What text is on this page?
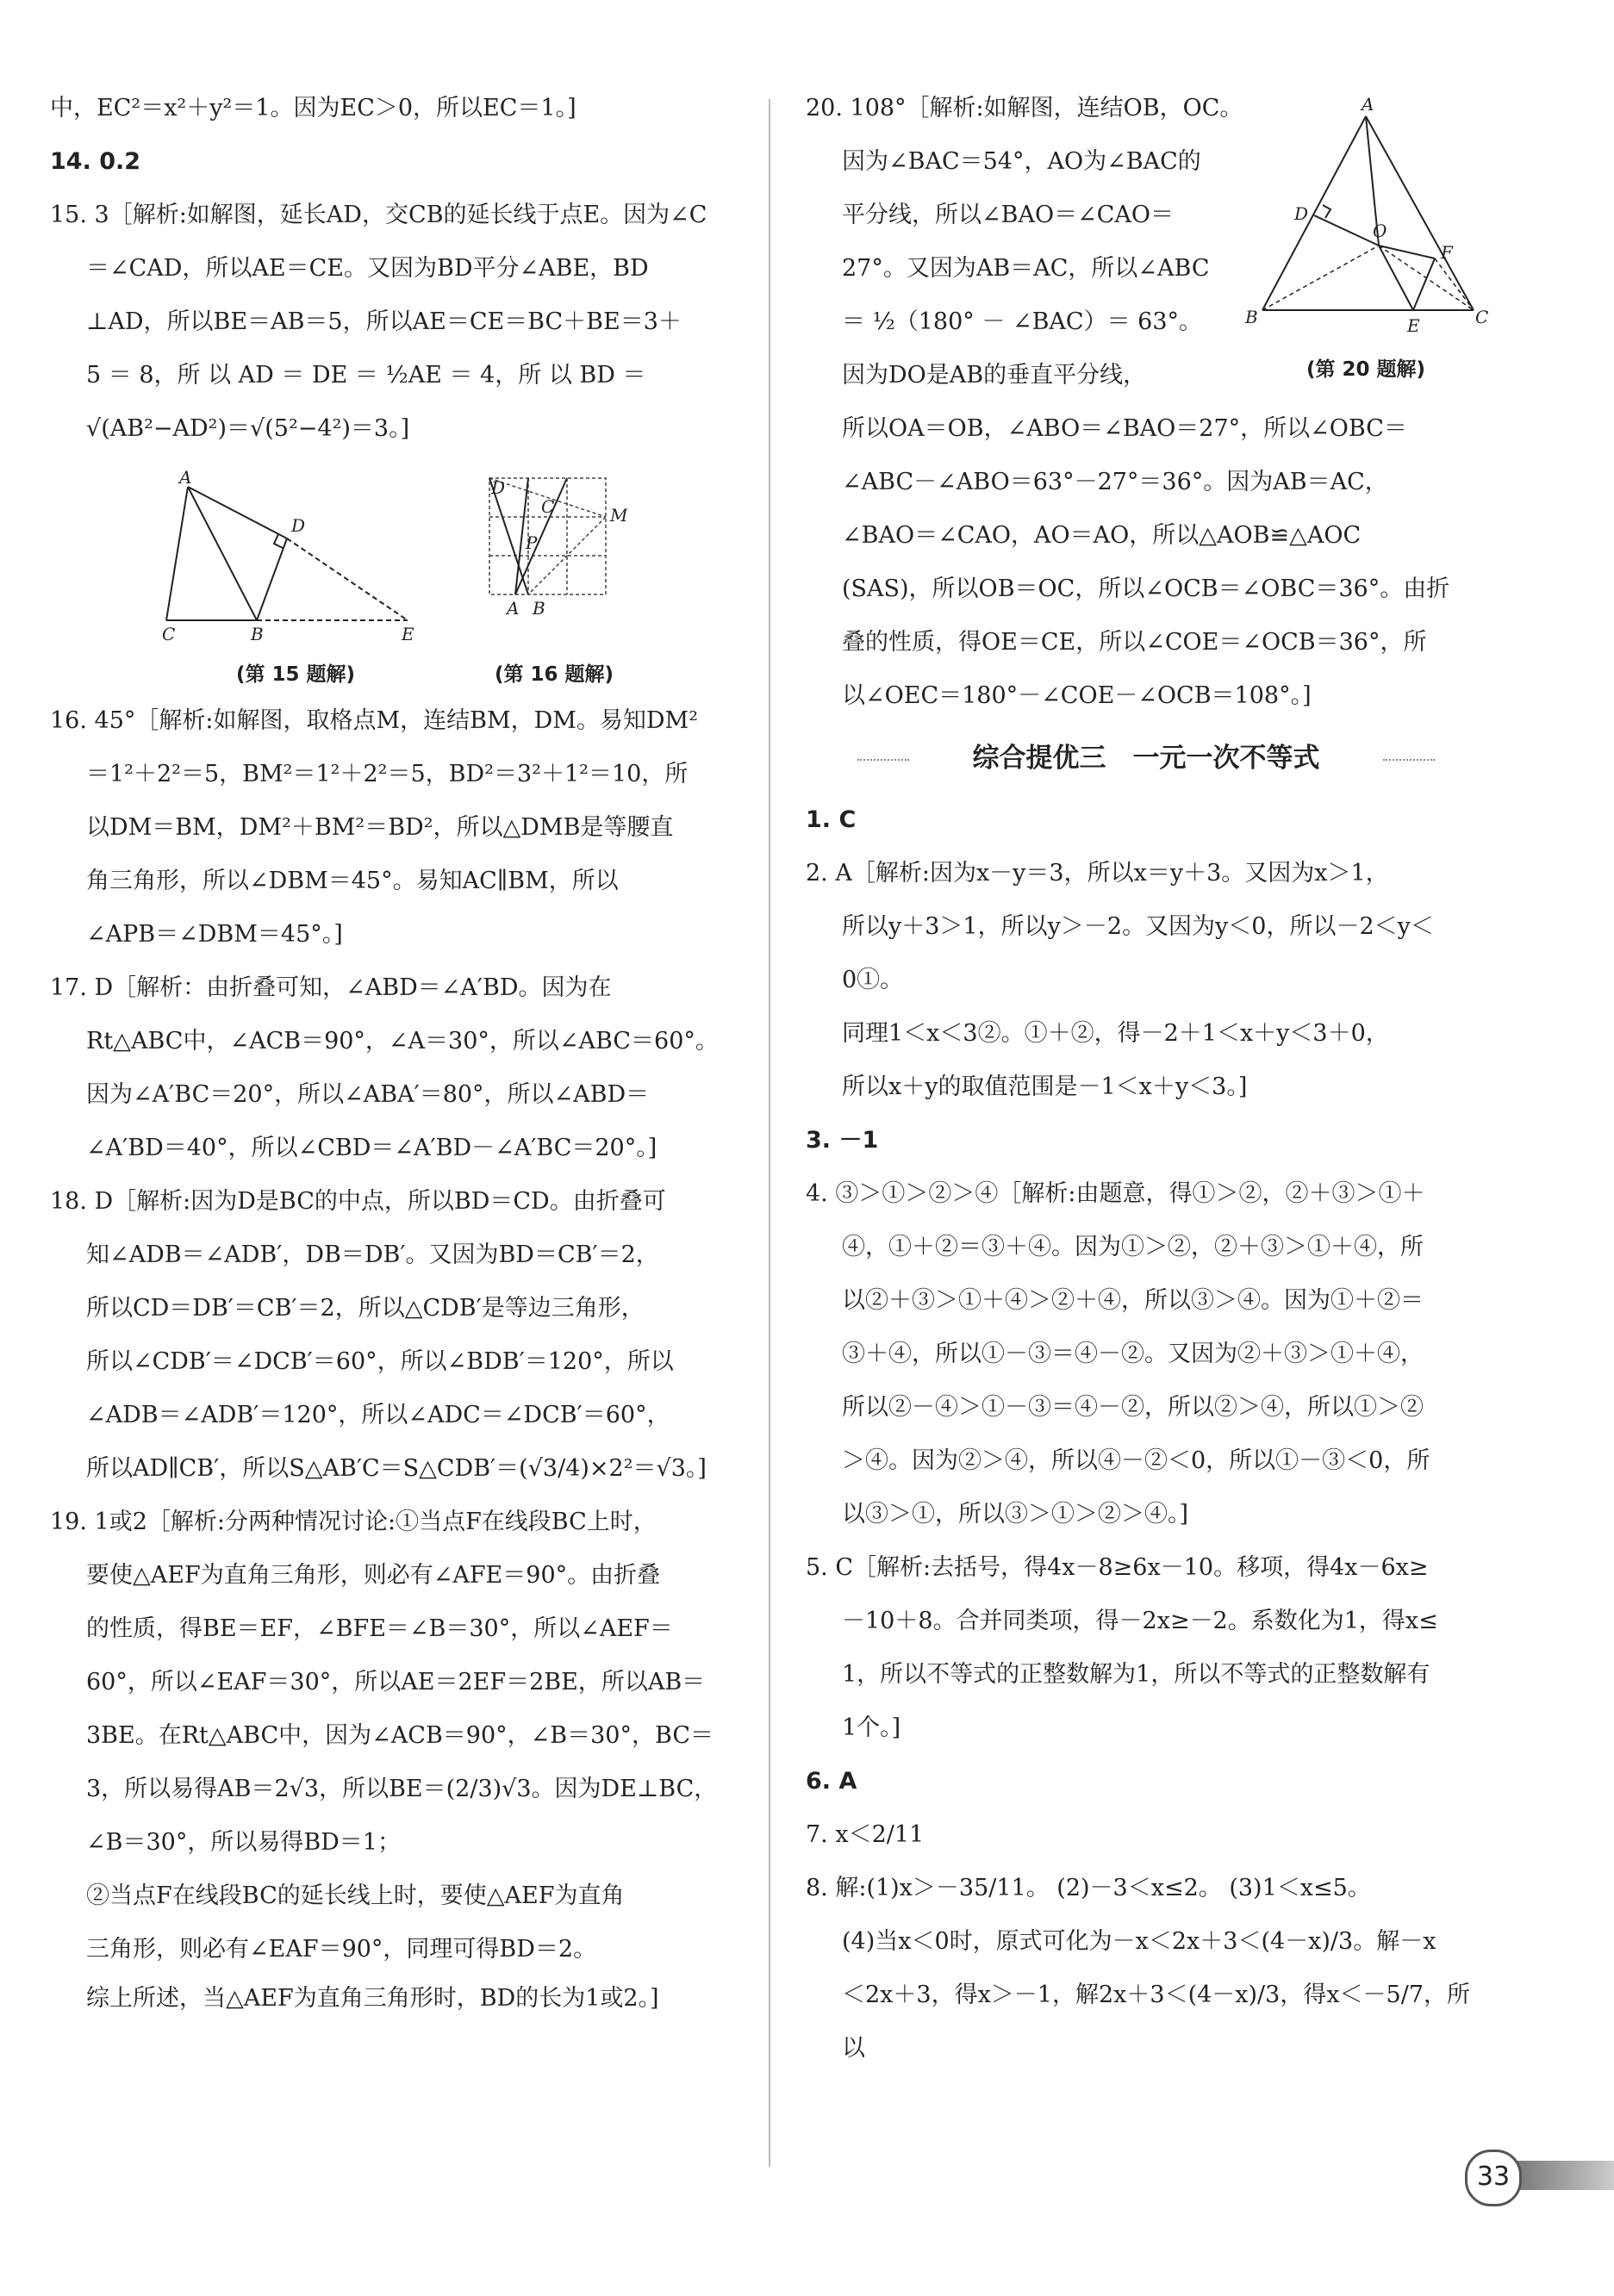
中，EC²＝x²＋y²＝1。因为EC＞0，所以EC＝1。]

14. 0.2

15. 3［解析:如解图，延长AD，交CB的延长线于点E。因为∠C

＝∠CAD，所以AE＝CE。又因为BD平分∠ABE，BD

⊥AD，所以BE＝AB＝5，所以AE＝CE＝BC＋BE＝3＋

5 ＝ 8，所 以 AD ＝ DE ＝ ½AE ＝ 4，所 以 BD ＝

√(AB²−AD²)＝√(5²−4²)＝3。]

A
D
C	B	E
(第 15 题解)
D
C	M
P
A B
(第 16 题解)

16. 45°［解析:如解图，取格点M，连结BM，DM。易知DM²

＝1²＋2²＝5，BM²＝1²＋2²＝5，BD²＝3²＋1²＝10，所

以DM＝BM，DM²＋BM²＝BD²，所以△DMB是等腰直

角三角形，所以∠DBM＝45°。易知AC∥BM，所以

∠APB＝∠DBM＝45°。]

17. D［解析：由折叠可知，∠ABD＝∠A′BD。因为在

Rt△ABC中，∠ACB＝90°，∠A＝30°，所以∠ABC＝60°。

因为∠A′BC＝20°，所以∠ABA′＝80°，所以∠ABD＝

∠A′BD＝40°，所以∠CBD＝∠A′BD－∠A′BC＝20°。]

18. D［解析:因为D是BC的中点，所以BD＝CD。由折叠可

知∠ADB＝∠ADB′，DB＝DB′。又因为BD＝CB′＝2，

所以CD＝DB′＝CB′＝2，所以△CDB′是等边三角形，

所以∠CDB′＝∠DCB′＝60°，所以∠BDB′＝120°，所以

∠ADB＝∠ADB′＝120°，所以∠ADC＝∠DCB′＝60°，

所以AD∥CB′，所以S△AB′C＝S△CDB′＝(√3/4)×2²＝√3。]

19. 1或2［解析:分两种情况讨论:①当点F在线段BC上时，

要使△AEF为直角三角形，则必有∠AFE＝90°。由折叠

的性质，得BE＝EF，∠BFE＝∠B＝30°，所以∠AEF＝

60°，所以∠EAF＝30°，所以AE＝2EF＝2BE，所以AB＝

3BE。在Rt△ABC中，因为∠ACB＝90°，∠B＝30°，BC＝

3，所以易得AB＝2√3，所以BE＝(2/3)√3。因为DE⊥BC，

∠B＝30°，所以易得BD＝1；

②当点F在线段BC的延长线上时，要使△AEF为直角

三角形，则必有∠EAF＝90°，同理可得BD＝2。

综上所述，当△AEF为直角三角形时，BD的长为1或2。]

A
D
O
F
B	E	C
(第 20 题解)

20. 108°［解析:如解图，连结OB，OC。

因为∠BAC＝54°，AO为∠BAC的

平分线，所以∠BAO＝∠CAO＝

27°。又因为AB＝AC，所以∠ABC

＝ ½（180° － ∠BAC）＝ 63°。

因为DO是AB的垂直平分线，

所以OA＝OB，∠ABO＝∠BAO＝27°，所以∠OBC＝

∠ABC－∠ABO＝63°－27°＝36°。因为AB＝AC，

∠BAO＝∠CAO，AO＝AO，所以△AOB≌△AOC

(SAS)，所以OB＝OC，所以∠OCB＝∠OBC＝36°。由折

叠的性质，得OE＝CE，所以∠COE＝∠OCB＝36°，所

以∠OEC＝180°－∠COE－∠OCB＝108°。]

综合提优三　一元一次不等式

1. C

2. A［解析:因为x－y＝3，所以x＝y＋3。又因为x＞1，

所以y＋3＞1，所以y＞－2。又因为y＜0，所以－2＜y＜0①。

同理1＜x＜3②。①＋②，得－2＋1＜x＋y＜3＋0，

所以x＋y的取值范围是－1＜x＋y＜3。]

3. －1

4. ③＞①＞②＞④［解析:由题意，得①＞②，②＋③＞①＋

④，①＋②＝③＋④。因为①＞②，②＋③＞①＋④，所

以②＋③＞①＋④＞②＋④，所以③＞④。因为①＋②＝

③＋④，所以①－③＝④－②。又因为②＋③＞①＋④，

所以②－④＞①－③＝④－②，所以②＞④，所以①＞②

＞④。因为②＞④，所以④－②＜0，所以①－③＜0，所

以③＞①，所以③＞①＞②＞④。]

5. C［解析:去括号，得4x－8≥6x－10。移项，得4x－6x≥

－10＋8。合并同类项，得－2x≥－2。系数化为1，得x≤

1，所以不等式的正整数解为1，所以不等式的正整数解有

1个。]

6. A

7. x＜2/11

8. 解:(1)x＞－35/11。 (2)－3＜x≤2。 (3)1＜x≤5。

(4)当x＜0时，原式可化为－x＜2x＋3＜(4－x)/3。解－x

＜2x＋3，得x＞－1，解2x＋3＜(4－x)/3，得x＜－5/7，所以

33
